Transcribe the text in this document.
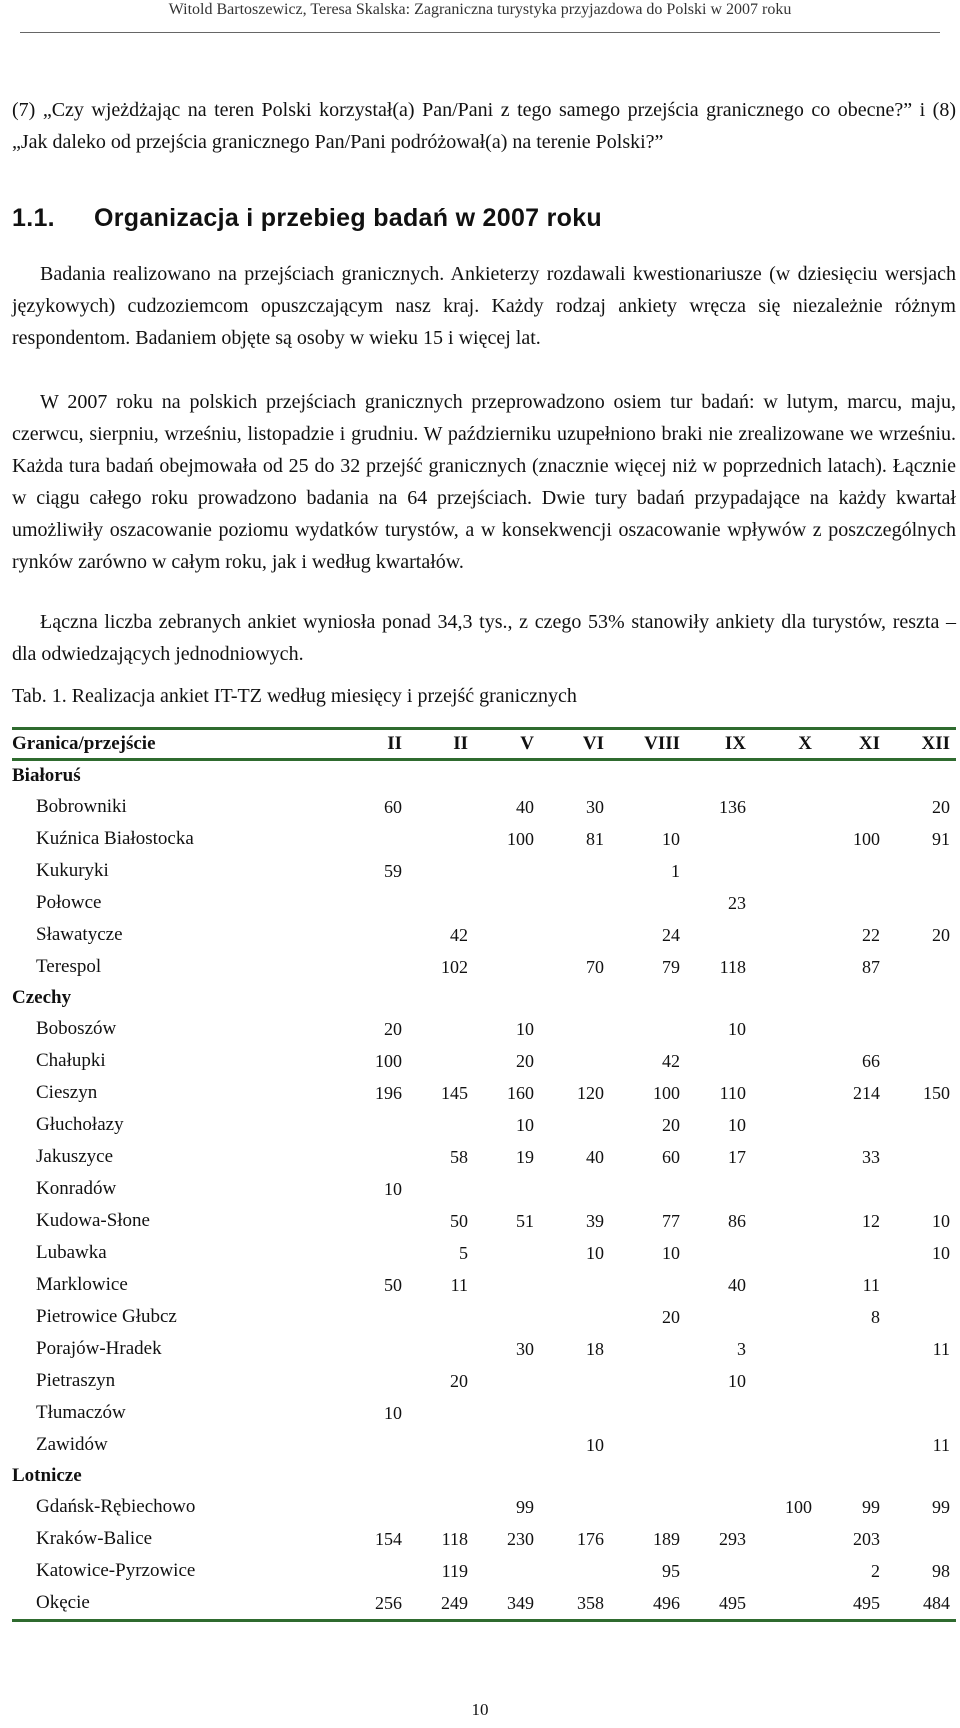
Witold Bartoszewicz, Teresa Skalska: Zagraniczna turystyka przyjazdowa do Polski w 2007 roku

(7) „Czy wjeżdżając na teren Polski korzystał(a) Pan/Pani z tego samego przejścia granicznego co obecne?” i (8) „Jak daleko od przejścia granicznego Pan/Pani podróżował(a) na terenie Polski?”

1.1. Organizacja i przebieg badań w 2007 roku

Badania realizowano na przejściach granicznych. Ankieterzy rozdawali kwestionariusze (w dziesięciu wersjach językowych) cudzoziemcom opuszczającym nasz kraj. Każdy rodzaj ankiety wręcza się niezależnie różnym respondentom. Badaniem objęte są osoby w wieku 15 i więcej lat.

W 2007 roku na polskich przejściach granicznych przeprowadzono osiem tur badań: w lutym, marcu, maju, czerwcu, sierpniu, wrześniu, listopadzie i grudniu. W październiku uzupełniono braki nie zrealizowane we wrześniu. Każda tura badań obejmowała od 25 do 32 przejść granicznych (znacznie więcej niż w poprzednich latach). Łącznie w ciągu całego roku prowadzono badania na 64 przejściach. Dwie tury badań przypadające na każdy kwartał umożliwiły oszacowanie poziomu wydatków turystów, a w konsekwencji oszacowanie wpływów z poszczególnych rynków zarówno w całym roku, jak i według kwartałów.

Łączna liczba zebranych ankiet wyniosła ponad 34,3 tys., z czego 53% stanowiły ankiety dla turystów, reszta – dla odwiedzających jednodniowych.

Tab. 1. Realizacja ankiet IT-TZ według miesięcy i przejść granicznych

Granica/przejście	II	II	V	VI	VIII	IX	X	XI	XII
Białoruś									
Bobrowniki	60		40	30		136			20
Kuźnica Białostocka			100	81	10			100	91
Kukuryki	59				1				
Połowce						23			
Sławatycze		42			24			22	20
Terespol		102		70	79	118		87	
Czechy									
Boboszów	20		10			10			
Chałupki	100		20		42			66	
Cieszyn	196	145	160	120	100	110		214	150
Głuchołazy			10		20	10			
Jakuszyce		58	19	40	60	17		33	
Konradów	10								
Kudowa-Słone		50	51	39	77	86		12	10
Lubawka		5		10	10				10
Marklowice	50	11				40		11	
Pietrowice Głubcz					20			8	
Porajów-Hradek			30	18		3			11
Pietraszyn		20				10			
Tłumaczów	10								
Zawidów				10					11
Lotnicze									
Gdańsk-Rębiechowo			99				100	99	99
Kraków-Balice	154	118	230	176	189	293		203	
Katowice-Pyrzowice		119			95			2	98
Okęcie	256	249	349	358	496	495		495	484
10
